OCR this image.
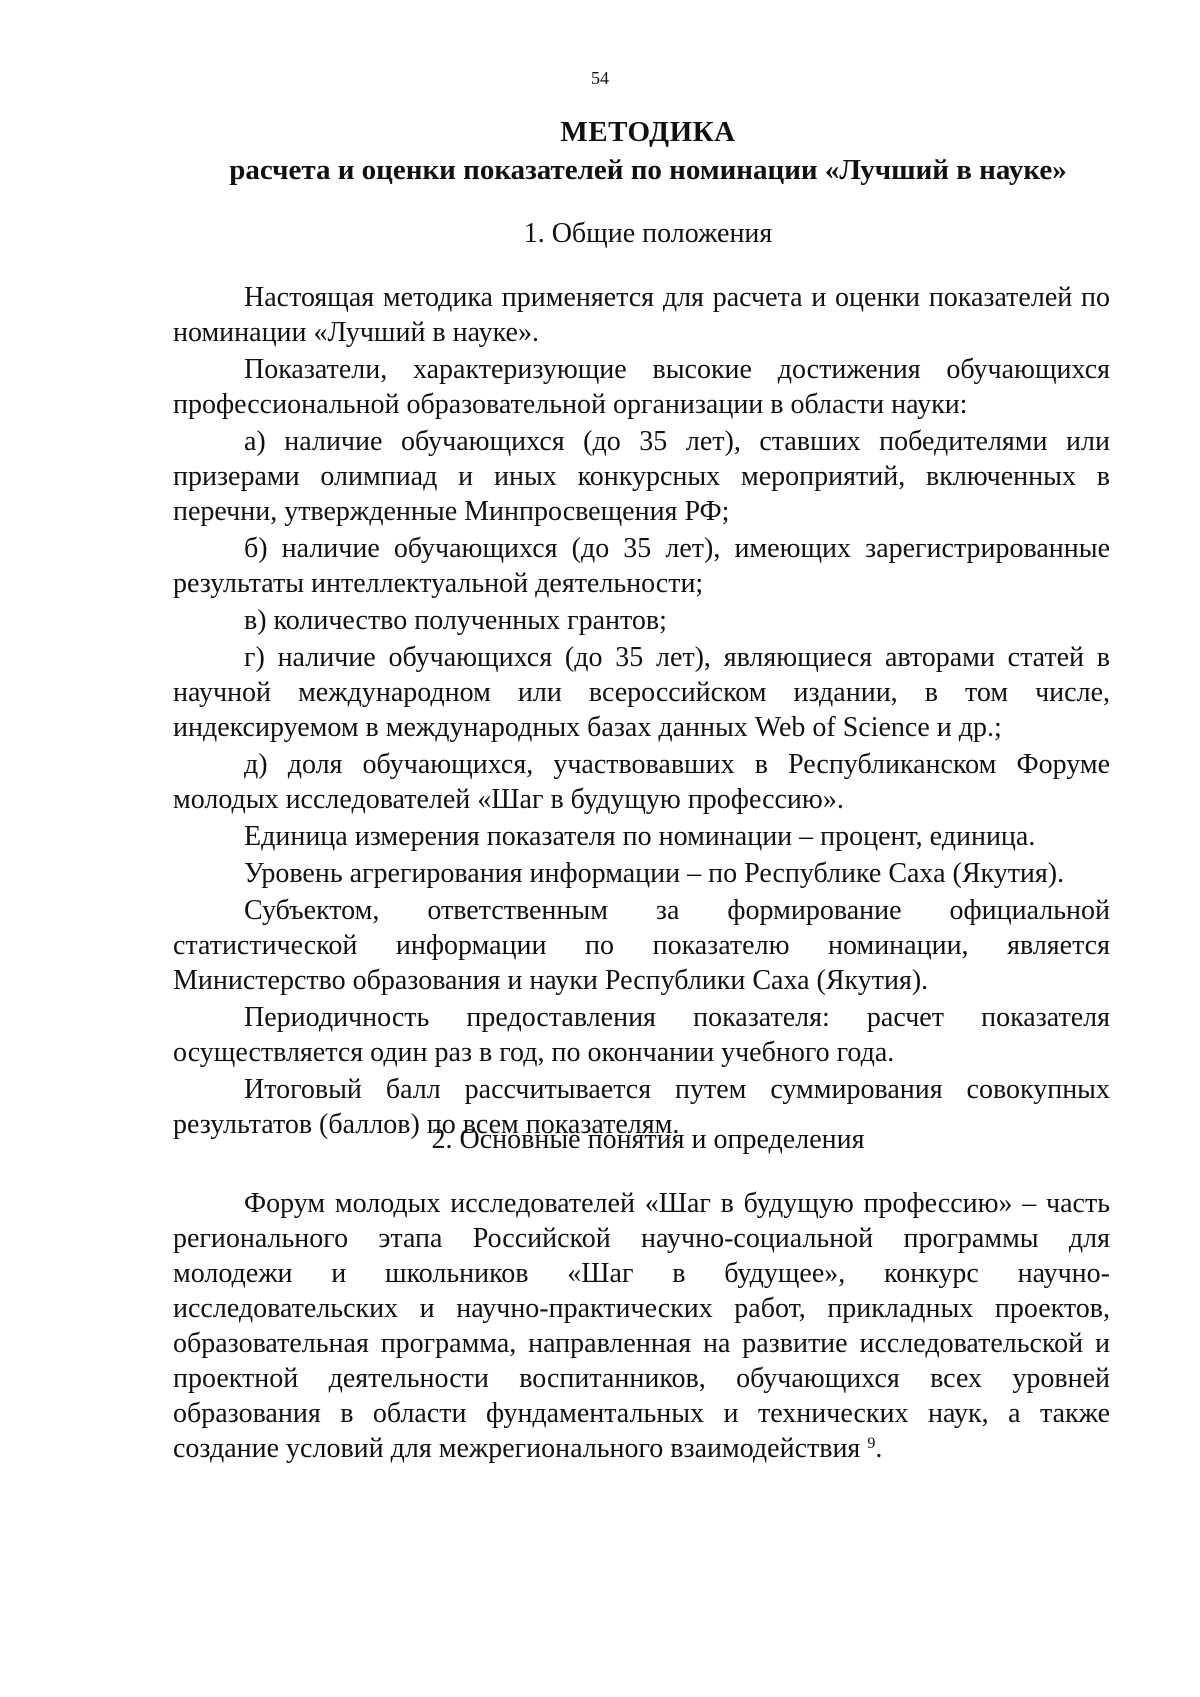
54
МЕТОДИКА
расчета и оценки показателей по номинации «Лучший в науке»
1. Общие положения

Настоящая методика применяется для расчета и оценки показателей по номинации «Лучший в науке».

Показатели, характеризующие высокие достижения обучающихся профессиональной образовательной организации в области науки:

а) наличие обучающихся (до 35 лет), ставших победителями или призерами олимпиад и иных конкурсных мероприятий, включенных в перечни, утвержденные Минпросвещения РФ;

б) наличие обучающихся (до 35 лет), имеющих зарегистрированные результаты интеллектуальной деятельности;

в) количество полученных грантов;

г) наличие обучающихся (до 35 лет), являющиеся авторами статей в научной международном или всероссийском издании, в том числе, индексируемом в международных базах данных Web of Science и др.;

д) доля обучающихся, участвовавших в Республиканском Форуме молодых исследователей «Шаг в будущую профессию».

Единица измерения показателя по номинации – процент, единица.

Уровень агрегирования информации – по Республике Саха (Якутия).

Субъектом, ответственным за формирование официальной статистической информации по показателю номинации, является Министерство образования и науки Республики Саха (Якутия).

Периодичность предоставления показателя: расчет показателя осуществляется один раз в год, по окончании учебного года.

Итоговый балл рассчитывается путем суммирования совокупных результатов (баллов) по всем показателям.

2. Основные понятия и определения

Форум молодых исследователей «Шаг в будущую профессию» – часть регионального этапа Российской научно-социальной программы для молодежи и школьников «Шаг в будущее», конкурс научно-исследовательских и научно-практических работ, прикладных проектов, образовательная программа, направленная на развитие исследовательской и проектной деятельности воспитанников, обучающихся всех уровней образования в области фундаментальных и технических наук, а также создание условий для межрегионального взаимодействия $^9$.
